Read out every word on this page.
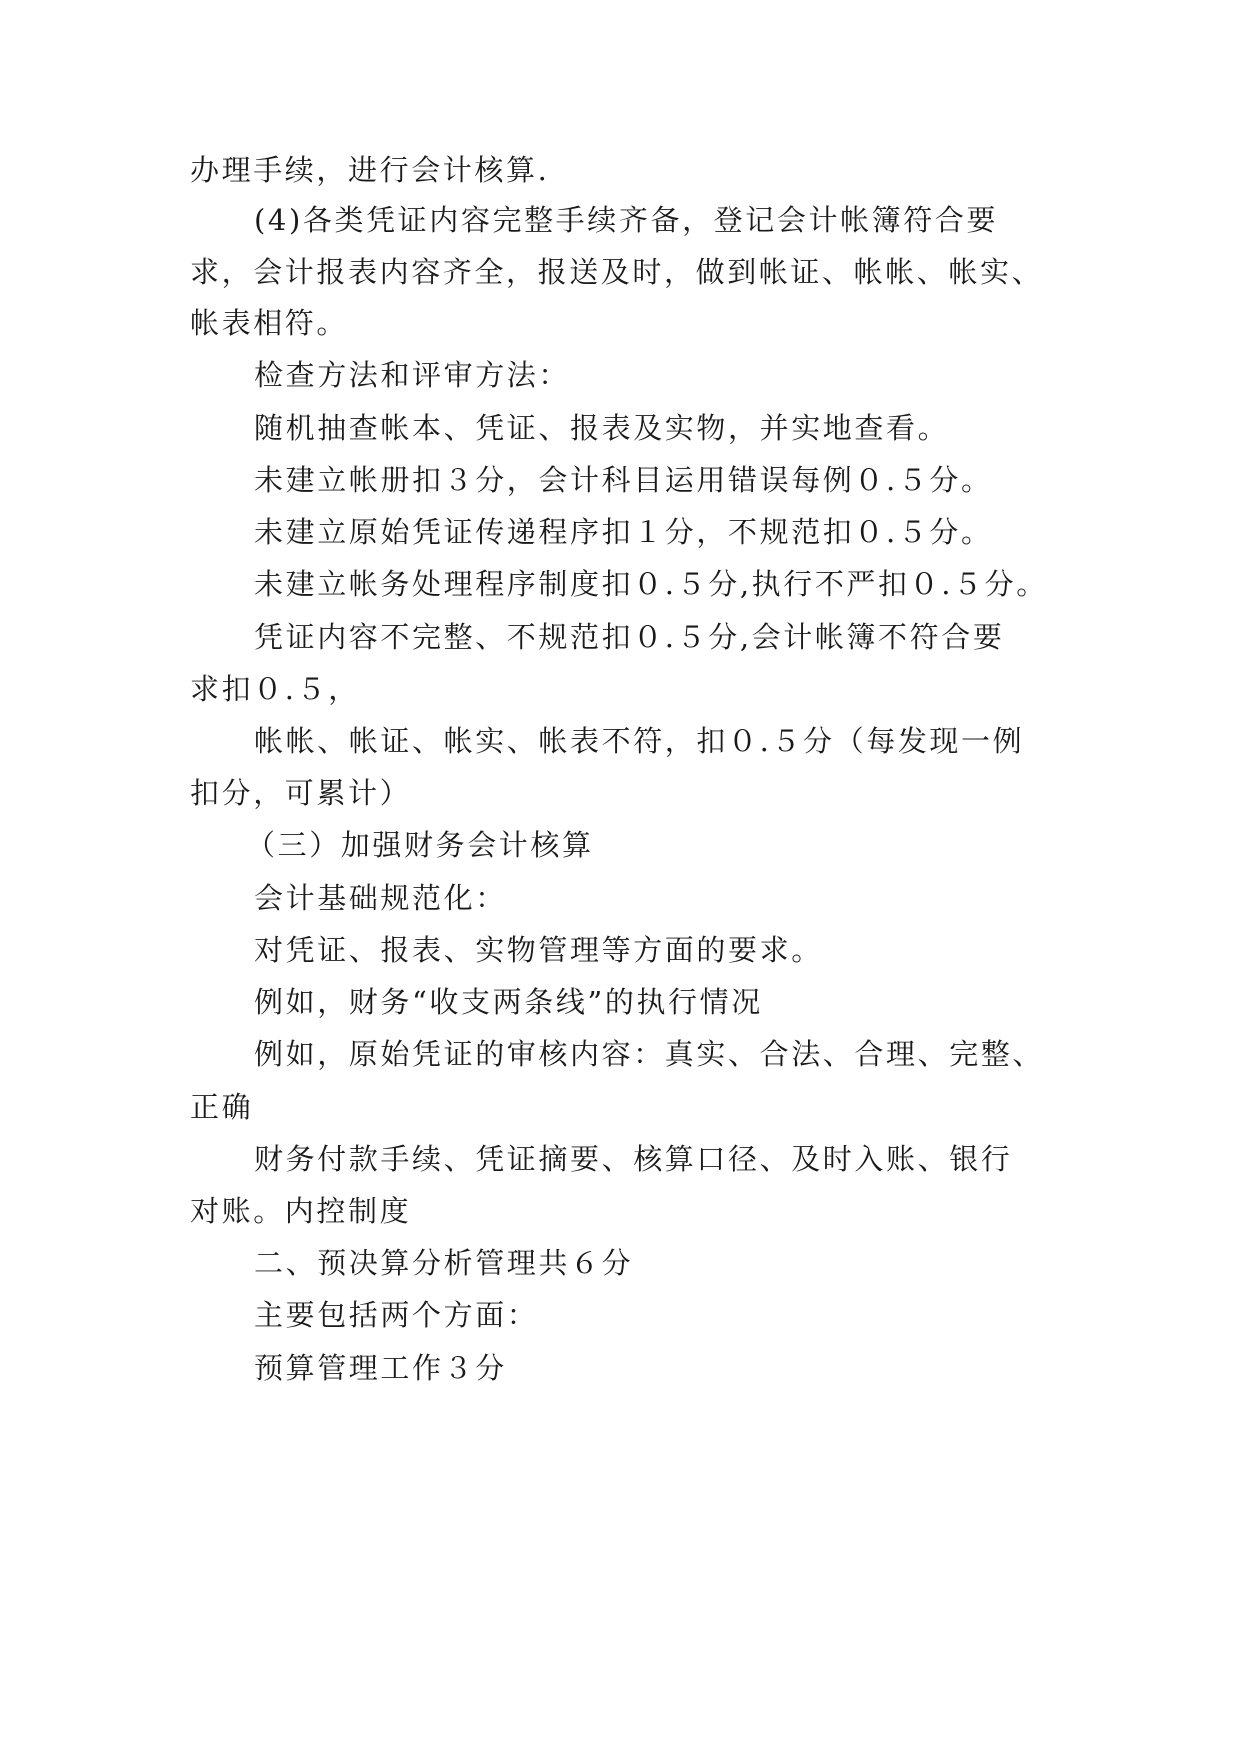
办理手续，进行会计核算.
(4)各类凭证内容完整手续齐备，登记会计帐簿符合要
求，会计报表内容齐全，报送及时，做到帐证、帐帐、帐实、
帐表相符。
检查方法和评审方法：
随机抽查帐本、凭证、报表及实物，并实地查看。
未建立帐册扣３分，会计科目运用错误每例０.５分。
未建立原始凭证传递程序扣１分，不规范扣０.５分。
未建立帐务处理程序制度扣０.５分,执行不严扣０.５分。
凭证内容不完整、不规范扣０.５分,会计帐簿不符合要
求扣０.５，
帐帐、帐证、帐实、帐表不符，扣０.５分（每发现一例
扣分，可累计）
（三）加强财务会计核算
会计基础规范化：
对凭证、报表、实物管理等方面的要求。
例如，财务“收支两条线”的执行情况
例如，原始凭证的审核内容：真实、合法、合理、完整、
正确
财务付款手续、凭证摘要、核算口径、及时入账、银行
对账。内控制度
二、预决算分析管理共６分
主要包括两个方面：
预算管理工作３分
